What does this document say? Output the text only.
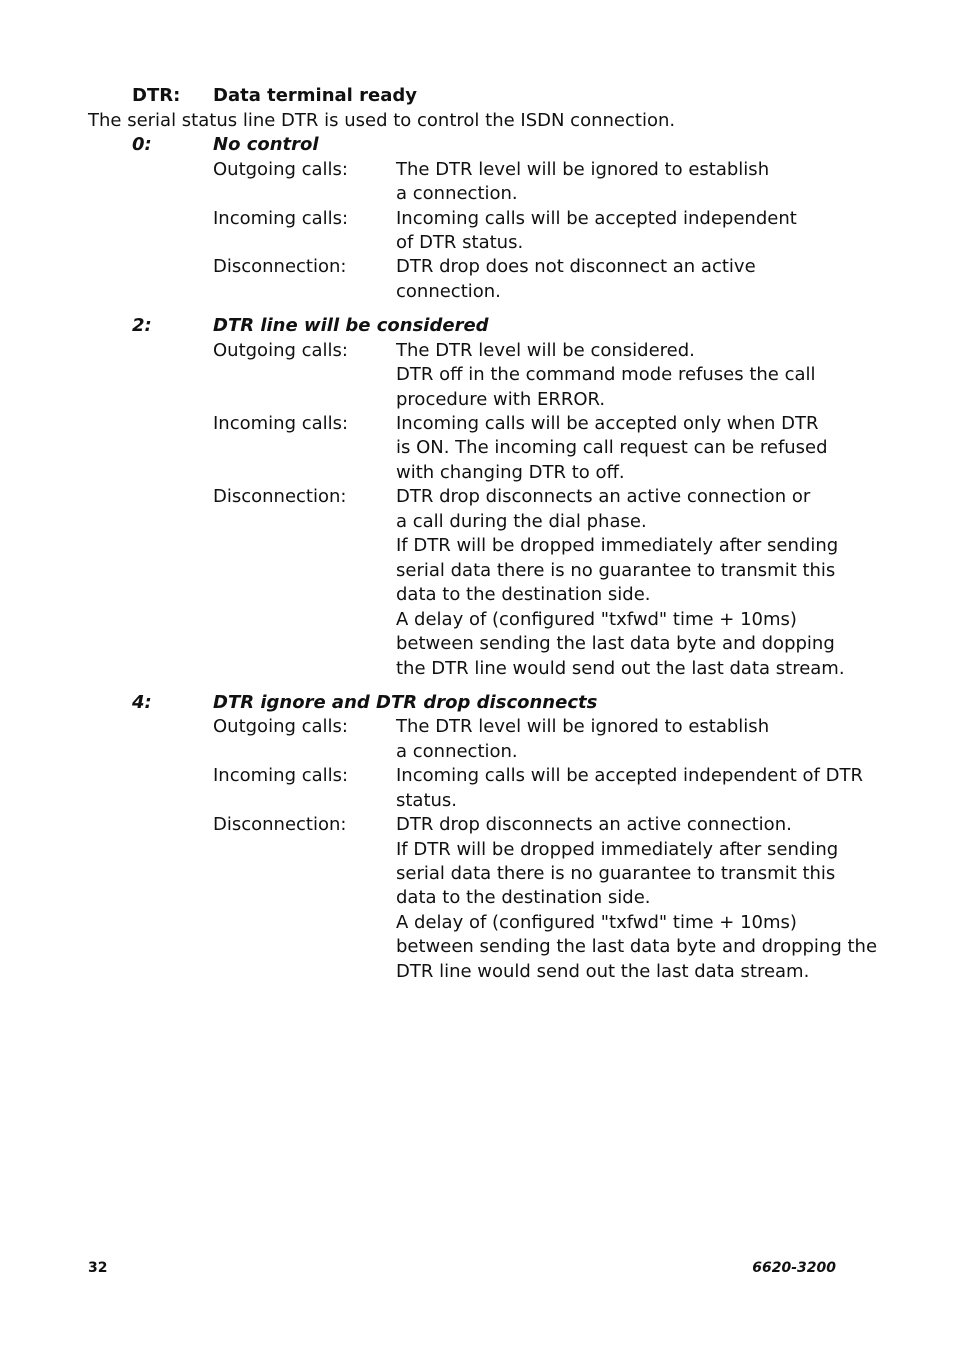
DTR: Data terminal ready
The serial status line DTR is used to control the ISDN connection.
0:	No control
Outgoing calls:	The DTR level will be ignored to establish
a connection.
Incoming calls:	Incoming calls will be accepted independent
of DTR status.
Disconnection:	DTR drop does not disconnect an active
connection.
2:	DTR line will be considered
Outgoing calls:	The DTR level will be considered.
DTR off in the command mode refuses the call
procedure with ERROR.
Incoming calls:	Incoming calls will be accepted only when DTR
is ON. The incoming call request can be refused
with changing DTR to off.
Disconnection:	DTR drop disconnects an active connection or
a call during the dial phase.
If DTR will be dropped immediately after sending
serial data there is no guarantee to transmit this
data to the destination side.
A delay of (configured "txfwd" time + 10ms)
between sending the last data byte and dopping
the DTR line would send out the last data stream.
4:	DTR ignore and DTR drop disconnects
Outgoing calls:	The DTR level will be ignored to establish
a connection.
Incoming calls:	Incoming calls will be accepted independent of DTR
status.
Disconnection:	DTR drop disconnects an active connection.
If DTR will be dropped immediately after sending
serial data there is no guarantee to transmit this
data to the destination side.
A delay of (configured "txfwd" time + 10ms)
between sending the last data byte and dropping the
DTR line would send out the last data stream.
32	6620-3200
